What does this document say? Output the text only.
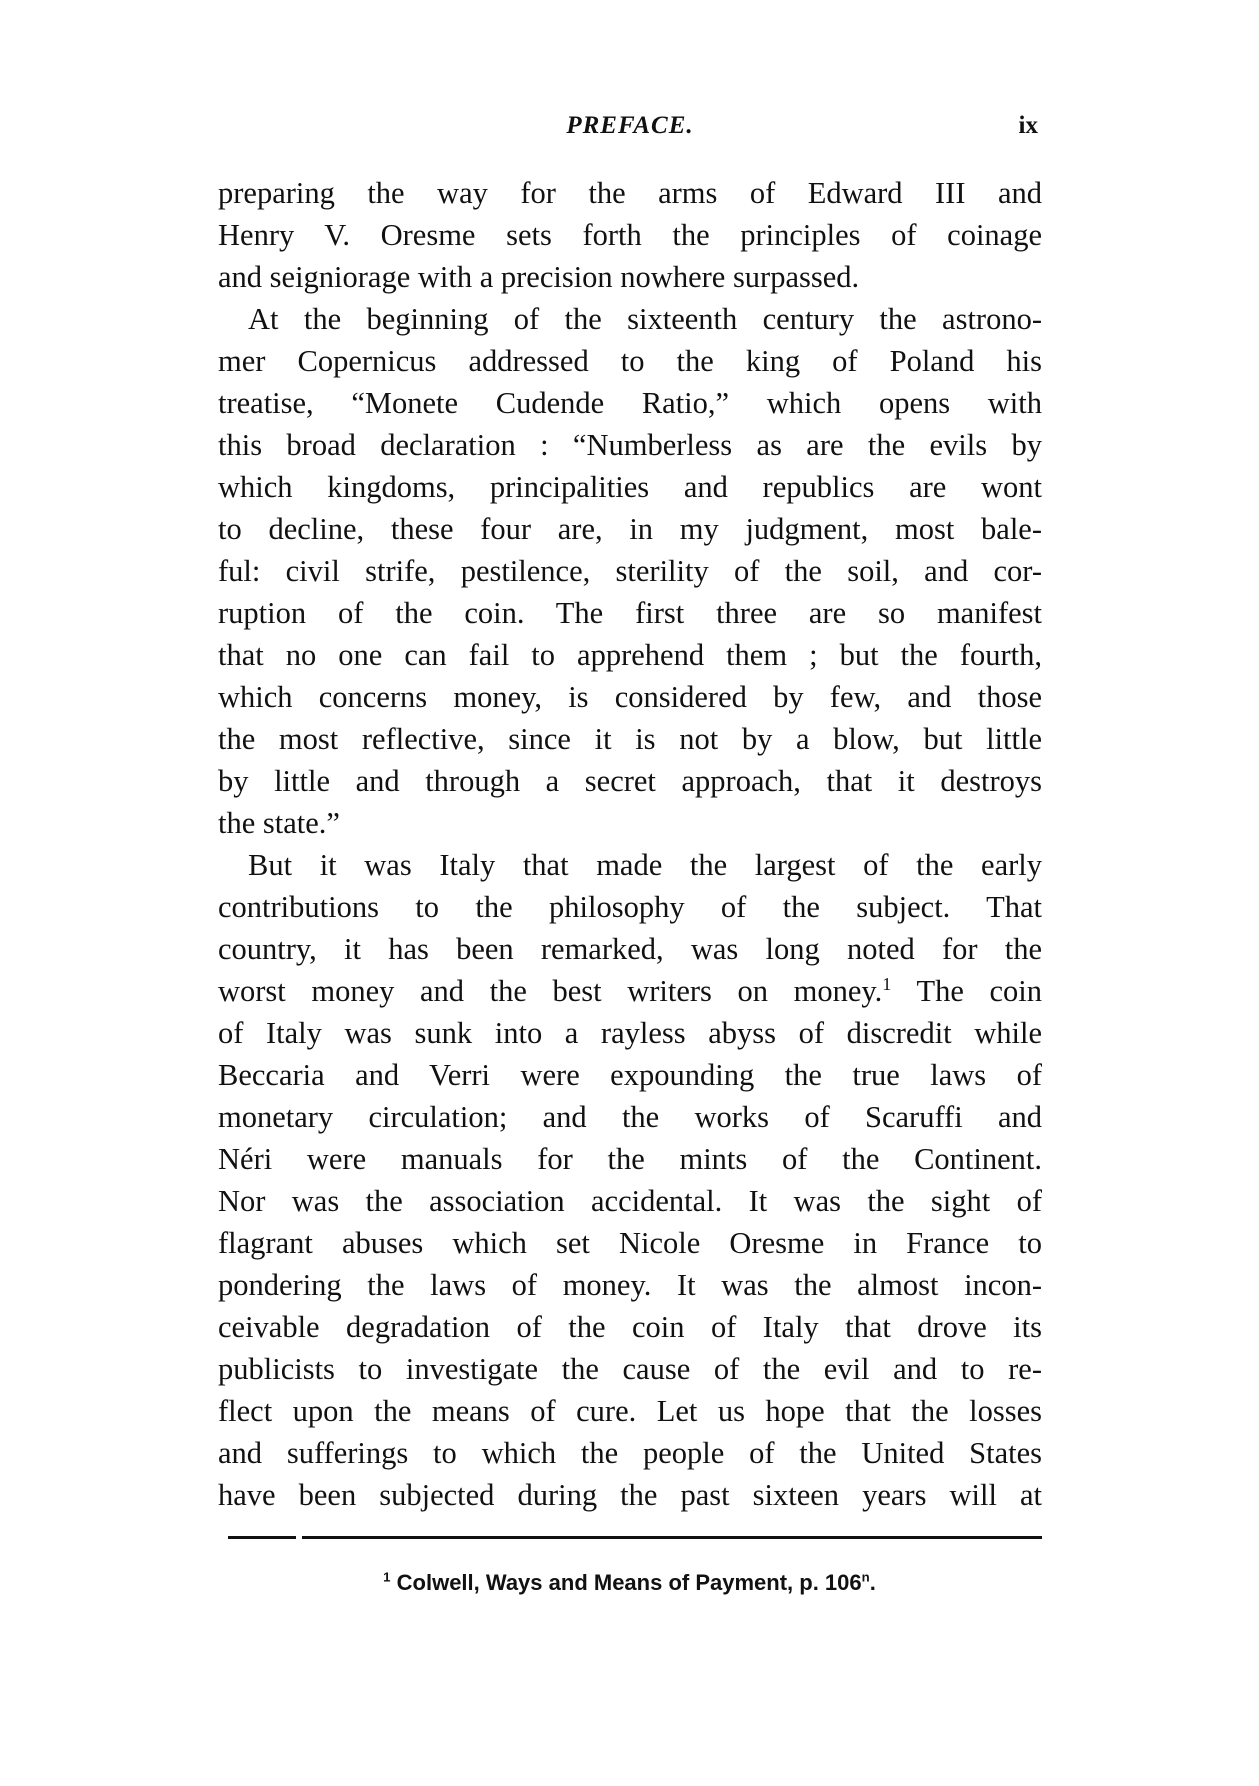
PREFACE.	ix
preparing the way for the arms of Edward III and
Henry V. Oresme sets forth the principles of coinage
and seigniorage with a precision nowhere surpassed.
At the beginning of the sixteenth century the astrono-
mer Copernicus addressed to the king of Poland his
treatise, “Monete Cudende Ratio,” which opens with
this broad declaration : “Numberless as are the evils by
which kingdoms, principalities and republics are wont
to decline, these four are, in my judgment, most bale-
ful: civil strife, pestilence, sterility of the soil, and cor-
ruption of the coin. The first three are so manifest
that no one can fail to apprehend them ; but the fourth,
which concerns money, is considered by few, and those
the most reflective, since it is not by a blow, but little
by little and through a secret approach, that it destroys
the state.”
But it was Italy that made the largest of the early
contributions to the philosophy of the subject. That
country, it has been remarked, was long noted for the
worst money and the best writers on money.$^1$ The coin
of Italy was sunk into a rayless abyss of discredit while
Beccaria and Verri were expounding the true laws of
monetary circulation; and the works of Scaruffi and
Néri were manuals for the mints of the Continent.
Nor was the association accidental. It was the sight of
flagrant abuses which set Nicole Oresme in France to
pondering the laws of money. It was the almost incon-
ceivable degradation of the coin of Italy that drove its
publicists to investigate the cause of the evil and to re-
flect upon the means of cure. Let us hope that the losses
and sufferings to which the people of the United States
have been subjected during the past sixteen years will at
$^1$ Colwell, Ways and Means of Payment, p. 106$^n$.
